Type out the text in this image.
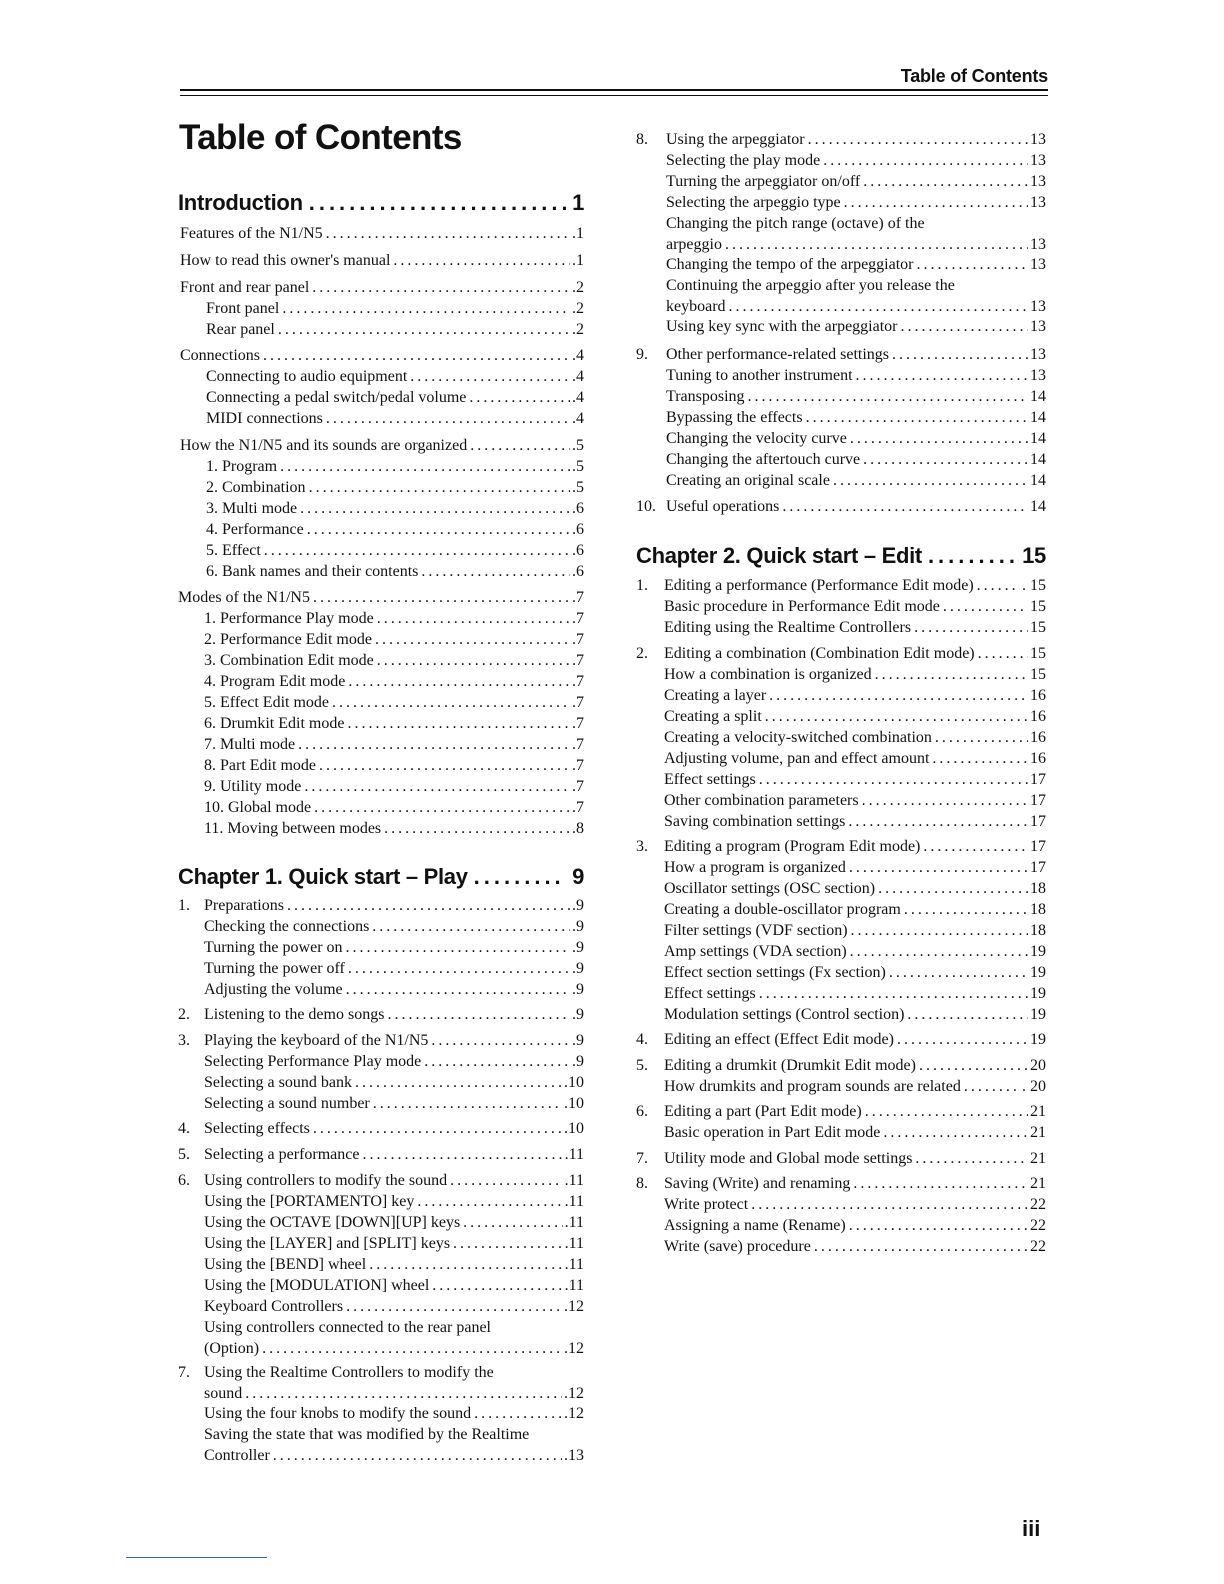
Table of Contents
Table of Contents
Introduction .....	1
Features of the N1/N5 .....	.1
How to read this owner's manual .....	.1
Front and rear panel .....	.2
Front panel .....	.2
Rear panel .....	.2
Connections .....	.4
Connecting to audio equipment .....	.4
Connecting a pedal switch/pedal volume .....	.4
MIDI connections .....	.4
How the N1/N5 and its sounds are organized .....	.5
1. Program .....	.5
2. Combination .....	.5
3. Multi mode .....	.6
4. Performance .....	.6
5. Effect .....	.6
6. Bank names and their contents .....	.6
Modes of the N1/N5 .....	.7
1. Performance Play mode .....	.7
2. Performance Edit mode .....	.7
3. Combination Edit mode .....	.7
4. Program Edit mode .....	.7
5. Effect Edit mode .....	.7
6. Drumkit Edit mode .....	.7
7. Multi mode .....	.7
8. Part Edit mode .....	.7
9. Utility mode .....	.7
10. Global mode .....	.7
11. Moving between modes .....	.8
Chapter 1. Quick start – Play .....	9
1. Preparations .....	.9
Checking the connections .....	.9
Turning the power on .....	.9
Turning the power off .....	.9
Adjusting the volume .....	.9
2. Listening to the demo songs .....	.9
3. Playing the keyboard of the N1/N5 .....	.9
Selecting Performance Play mode .....	.9
Selecting a sound bank .....	.10
Selecting a sound number .....	.10
4. Selecting effects .....	.10
5. Selecting a performance .....	.11
6. Using controllers to modify the sound .....	.11
Using the [PORTAMENTO] key .....	.11
Using the OCTAVE [DOWN][UP] keys .....	.11
Using the [LAYER] and [SPLIT] keys .....	.11
Using the [BEND] wheel .....	.11
Using the [MODULATION] wheel .....	.11
Keyboard Controllers .....	.12
Using controllers connected to the rear panel
(Option) .....	.12
7. Using the Realtime Controllers to modify the
sound .....	.12
Using the four knobs to modify the sound .....	.12
Saving the state that was modified by the Realtime
Controller .....	.13
8. Using the arpeggiator .....	13
Selecting the play mode .....	13
Turning the arpeggiator on/off .....	13
Selecting the arpeggio type .....	13
Changing the pitch range (octave) of the
arpeggio .....	13
Changing the tempo of the arpeggiator .....	13
Continuing the arpeggio after you release the
keyboard .....	13
Using key sync with the arpeggiator .....	13
9. Other performance-related settings .....	13
Tuning to another instrument .....	13
Transposing .....	14
Bypassing the effects .....	14
Changing the velocity curve .....	14
Changing the aftertouch curve .....	14
Creating an original scale .....	14
10. Useful operations .....	14
Chapter 2. Quick start – Edit .....	15
1. Editing a performance (Performance Edit mode) .....	. 15
Basic procedure in Performance Edit mode .....	15
Editing using the Realtime Controllers .....	15
2. Editing a combination (Combination Edit mode) .....	15
How a combination is organized .....	15
Creating a layer .....	16
Creating a split .....	16
Creating a velocity-switched combination .....	16
Adjusting volume, pan and effect amount .....	16
Effect settings .....	17
Other combination parameters .....	17
Saving combination settings .....	17
3. Editing a program (Program Edit mode) .....	17
How a program is organized .....	17
Oscillator settings (OSC section) .....	18
Creating a double-oscillator program .....	18
Filter settings (VDF section) .....	18
Amp settings (VDA section) .....	19
Effect section settings (Fx section) .....	19
Effect settings .....	19
Modulation settings (Control section) .....	19
4. Editing an effect (Effect Edit mode) .....	19
5. Editing a drumkit (Drumkit Edit mode) .....	20
How drumkits and program sounds are related .....	. 20
6. Editing a part (Part Edit mode) .....	21
Basic operation in Part Edit mode .....	21
7. Utility mode and Global mode settings .....	21
8. Saving (Write) and renaming .....	21
Write protect .....	22
Assigning a name (Rename) .....	22
Write (save) procedure .....	22
iii
